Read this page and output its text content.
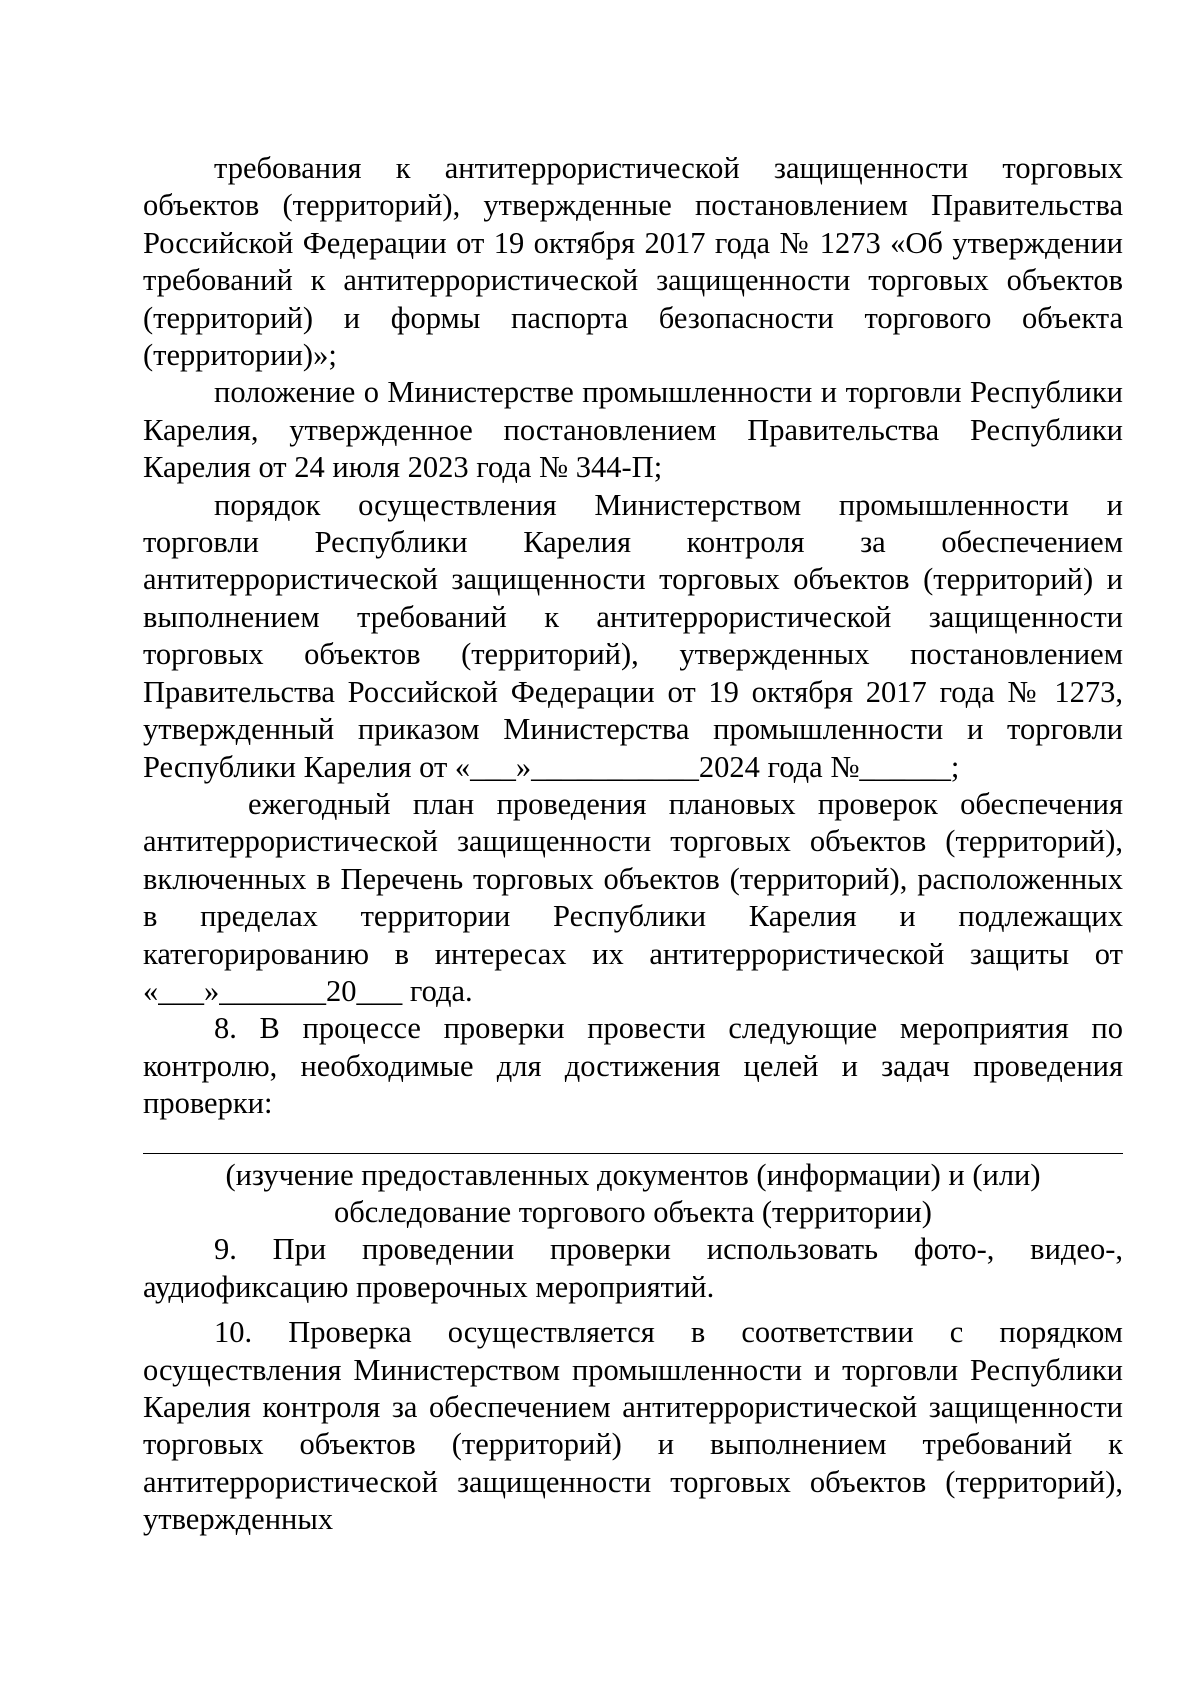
требования к антитеррористической защищенности торговых объектов (территорий), утвержденные постановлением Правительства Российской Федерации от 19 октября 2017 года № 1273 «Об утверждении требований к антитеррористической защищенности торговых объектов (территорий) и формы паспорта безопасности торгового объекта (территории)»;

положение о Министерстве промышленности и торговли Республики Карелия, утвержденное постановлением Правительства Республики Карелия от 24 июля 2023 года № 344-П;

порядок осуществления Министерством промышленности и торговли Республики Карелия контроля за обеспечением антитеррористической защищенности торговых объектов (территорий) и выполнением требований к антитеррористической защищенности торговых объектов (территорий), утвержденных постановлением Правительства Российской Федерации от 19 октября 2017 года № 1273, утвержденный приказом Министерства промышленности и торговли Республики Карелия от «___»___________2024 года №______;

ежегодный план проведения плановых проверок обеспечения антитеррористической защищенности торговых объектов (территорий), включенных в Перечень торговых объектов (территорий), расположенных в пределах территории Республики Карелия и подлежащих категорированию в интересах их антитеррористической защиты от «___»_______20___ года.

8. В процессе проверки провести следующие мероприятия по контролю, необходимые для достижения целей и задач проведения проверки:

(изучение предоставленных документов (информации) и (или)

обследование торгового объекта (территории)

9. При проведении проверки использовать фото-, видео-, аудиофиксацию проверочных мероприятий.

10. Проверка осуществляется в соответствии с порядком осуществления Министерством промышленности и торговли Республики Карелия контроля за обеспечением антитеррористической защищенности торговых объектов (территорий) и выполнением требований к антитеррористической защищенности торговых объектов (территорий), утвержденных
